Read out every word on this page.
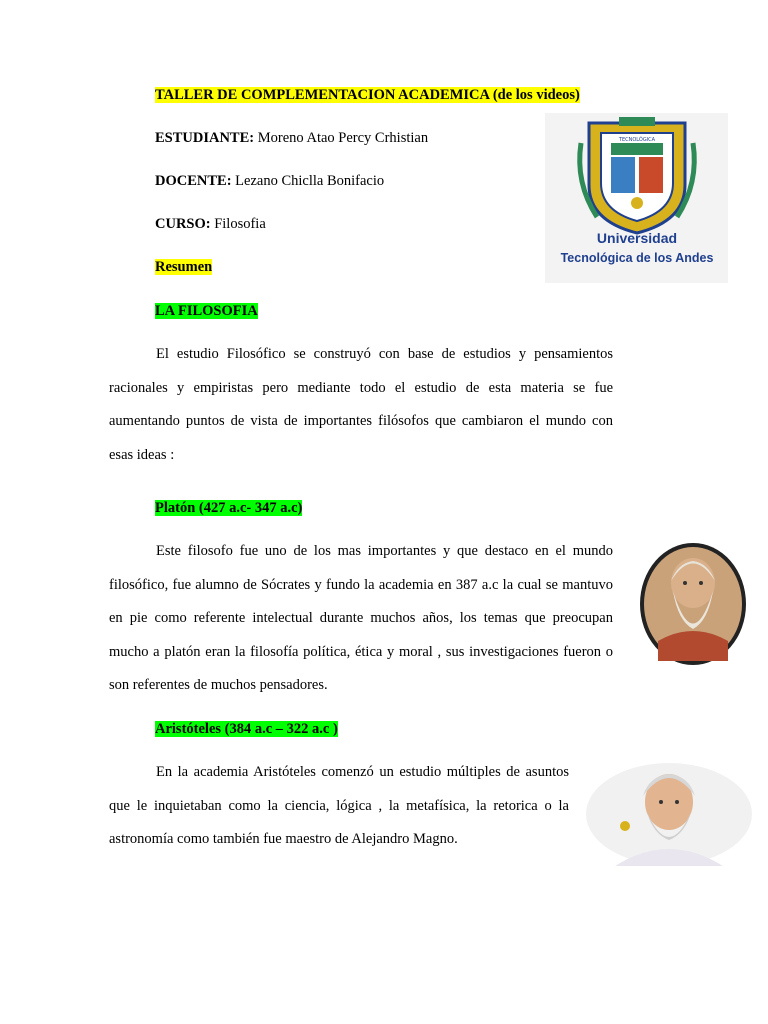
TALLER DE COMPLEMENTACION ACADEMICA (de los videos)
ESTUDIANTE: Moreno Atao Percy Crhistian
DOCENTE: Lezano Chiclla Bonifacio
CURSO: Filosofia
Resumen
LA FILOSOFIA
TECNOLÓGICA
Universidad
Tecnológica de los Andes
El estudio Filosófico se construyó con base de estudios y pensamientos racionales y empiristas pero mediante todo el estudio de esta materia se fue aumentando puntos de vista de importantes filósofos que cambiaron el mundo con esas ideas :
Platón (427 a.c- 347 a.c)
Este filosofo fue uno de los mas importantes y que destaco en el mundo filosófico, fue alumno de Sócrates y fundo la academia en 387 a.c la cual se mantuvo en pie como referente intelectual durante muchos años, los temas que preocupan mucho a platón eran la filosofía política, ética y moral , sus investigaciones fueron o son referentes de muchos pensadores.
Aristóteles (384 a.c – 322 a.c )
En la academia Aristóteles comenzó un estudio múltiples de asuntos que le inquietaban como la ciencia, lógica , la metafísica, la retorica o la astronomía como también fue maestro de Alejandro Magno.
